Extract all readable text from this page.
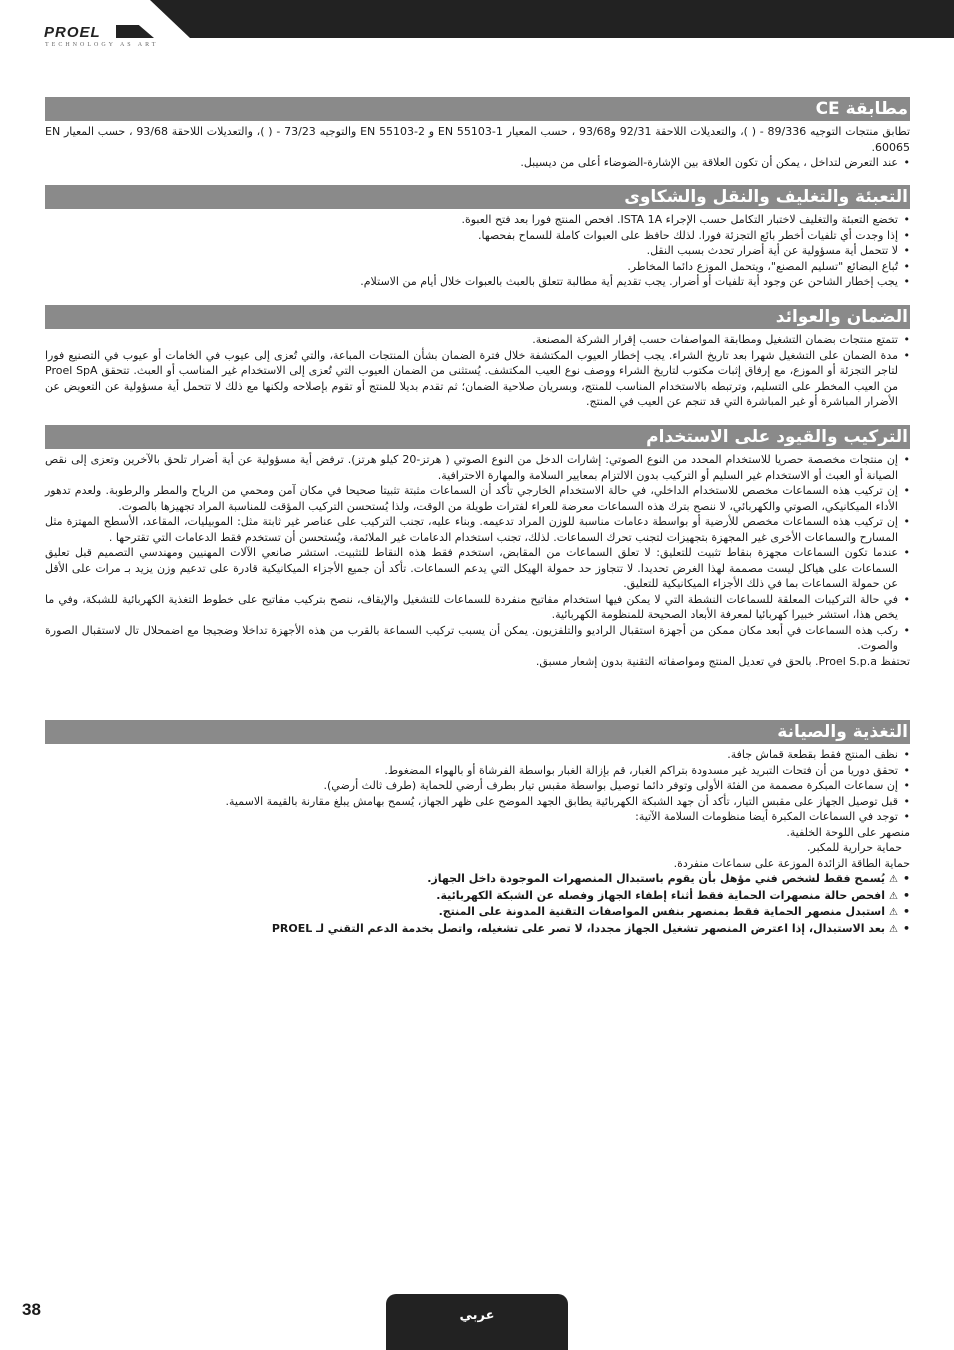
PROEL
TECHNOLOGY AS ART
مطابقة CE

تطابق منتجات التوجيه 89/336 - ( )، والتعديلات اللاحقة 92/31 و93/68 ، حسب المعيار EN 55103-1 و EN 55103-2 والتوجيه 73/23 - ( )، والتعديلات اللاحقة 93/68 ، حسب المعيار EN 60065.

• عند التعرض لتداخل ، يمكن أن تكون العلاقة بين الإشارة-الضوضاء أعلى من ديسيبل.

التعبئة والتغليف والنقل والشكاوى

• تخضع التعبئة والتغليف لاختبار التكامل حسب الإجراء ISTA 1A. افحص المنتج فورا بعد فتح العبوة.

• إذا وجدت أي تلفيات أخطر بائع التجزئة فورا. لذلك حافظ على العبوات كاملة للسماح بفحصها.

• لا تتحمل أية مسؤولية عن أية أضرار تحدث بسبب النقل.

• تُباع البضائع "تسليم المصنع"، ويتحمل الموزع دائما المخاطر.

• يجب إخطار الشاحن عن وجود أية تلفيات أو أضرار. يجب تقديم أية مطالبة تتعلق بالعبث بالعبوات خلال أيام من الاستلام.

الضمان والعوائد

• تتمتع منتجات بضمان التشغيل ومطابقة المواصفات حسب إقرار الشركة المصنعة.

• مدة الضمان على التشغيل شهرا بعد تاريخ الشراء. يجب إخطار العيوب المكتشفة خلال فترة الضمان بشأن المنتجات المباعة، والتي تُعزى إلى عيوب في الخامات أو عيوب في التصنيع فورا لتاجر التجزئة أو الموزع، مع إرفاق إثبات مكتوب لتاريخ الشراء ووصف نوع العيب المكتشف. يُستثنى من الضمان العيوب التي تُعزى إلى الاستخدام غير المناسب أو العبث. تتحقق Proel SpA من العيب المخطر على التسليم، وترتبطه بالاستخدام المناسب للمنتج، وبسريان صلاحية الضمان؛ ثم تقدم بديلا للمنتج أو تقوم بإصلاحه ولكنها مع ذلك لا تتحمل أية مسؤولية عن التعويض عن الأضرار المباشرة أو غير المباشرة التي قد تنجم عن العيب في المنتج.

التركيب والقيود على الاستخدام

• إن منتجات مخصصة حصريا للاستخدام المحدد من النوع الصوتي: إشارات الدخل من النوع الصوتي ( هرتز-20 كيلو هرتز). ترفض أية مسؤولية عن أية أضرار تلحق بالآخرين وتعزى إلى نقص الصيانة أو العبث أو الاستخدام غير السليم أو التركيب بدون الالتزام بمعايير السلامة والمهارة الاحترافية.

• إن تركيب هذه السماعات مخصص للاستخدام الداخلي، في حالة الاستخدام الخارجي تأكد أن السماعات مثبتة تثبيتا صحيحا في مكان آمن ومحمي من الرياح والمطر والرطوبة. ولعدم تدهور الأداء الميكانيكي، الصوتي والكهربائي، لا ننصح بترك هذه السماعات معرضة للعراء لفترات طويلة من الوقت، ولذا يُستحسن التركيب المؤقت للمناسبة المراد تجهيزها بالصوت.

• إن تركيب هذه السماعات مخصص للأرضية أو بواسطة دعامات مناسبة للوزن المراد تدعيمه. وبناء عليه، تجنب التركيب على عناصر غير ثابتة مثل: الموبيليات، المقاعد، الأسطح المهتزة مثل المسارح والسماعات الأخرى غير المجهزة بتجهيزات لتجنب تحرك السماعات. لذلك، تجنب استخدام الدعامات غير الملائمة، ويُستحسن أن تستخدم فقط الدعامات التي تقترحها .

• عندما تكون السماعات مجهزة بنقاط تثبيت للتعليق: لا تعلق السماعات من المقابض، استخدم فقط هذه النقاط للتثبيت. استشر صانعي الآلات المهنيين ومهندسي التصميم قبل تعليق السماعات على هياكل ليست مصممة لهذا الغرض تحديدا. لا تتجاوز حد حمولة الهيكل التي يدعم السماعات. تأكد أن جميع الأجزاء الميكانيكية قادرة على تدعيم وزن يزيد بـ مرات على الأقل عن حمولة السماعات بما في ذلك الأجزاء الميكانيكية للتعليق.

• في حالة التركيبات المعلقة للسماعات النشطة التي لا يمكن فيها استخدام مفاتيح منفردة للسماعات للتشغيل والإيقاف، ننصح بتركيب مفاتيح على خطوط التغذية الكهربائية للشبكة، وفي ما يخص هذا، استشر خبيرا كهربائيا لمعرفة الأبعاد الصحيحة للمنظومة الكهربائية.

• ركب هذه السماعات في أبعد مكان ممكن من أجهزة استقبال الراديو والتلفزيون. يمكن أن يسبب تركيب السماعة بالقرب من هذه الأجهزة تداخلا وضجيجا مع اضمحلال تال لاستقبال الصورة والصوت.

تحتفظ Proel S.p.a. بالحق في تعديل المنتج ومواصفاته التقنية بدون إشعار مسبق.

التغذية والصيانة

• نظف المنتج فقط بقطعة قماش جافة.

• تحقق دوريا من أن فتحات التبريد غير مسدودة بتراكم الغبار، قم بإزالة الغبار بواسطة الفرشاة أو بالهواء المضغوط.

• إن سماعات المبكرة مصممة من الفئة الأولى وتوفر دائما توصيل بواسطة مقبس تيار بطرف أرضي للحماية (طرف ثالث أرضي).

• قبل توصيل الجهاز على مقبس التيار، تأكد أن جهد الشبكة الكهربائية يطابق الجهد الموضح على ظهر الجهاز، يُسمح بهامش يبلغ مقارنة بالقيمة الاسمية.

• توجد في السماعات المكبرة أيضا منظومات السلامة الآتية:

منصهر على اللوحة الخلفية.

حماية حرارية للمكبر.

حماية الطاقة الزائدة الموزعة على سماعات منفردة.

• ⚠يُسمح فقط لشخص فني مؤهل بأن يقوم باستبدال المنصهرات الموجودة داخل الجهاز.

• ⚠افحص حالة منصهرات الحماية فقط أثناء إطفاء الجهاز وفصله عن الشبكة الكهربائية.

• ⚠استبدل منصهر الحماية فقط بمنصهر بنفس المواصفات التقنية المدونة على المنتج.

• ⚠بعد الاستبدال، إذا اعترض المنصهر تشغيل الجهاز مجددا، لا تصر على تشغيله، واتصل بخدمة الدعم التقني لـ PROEL

38	عربي
